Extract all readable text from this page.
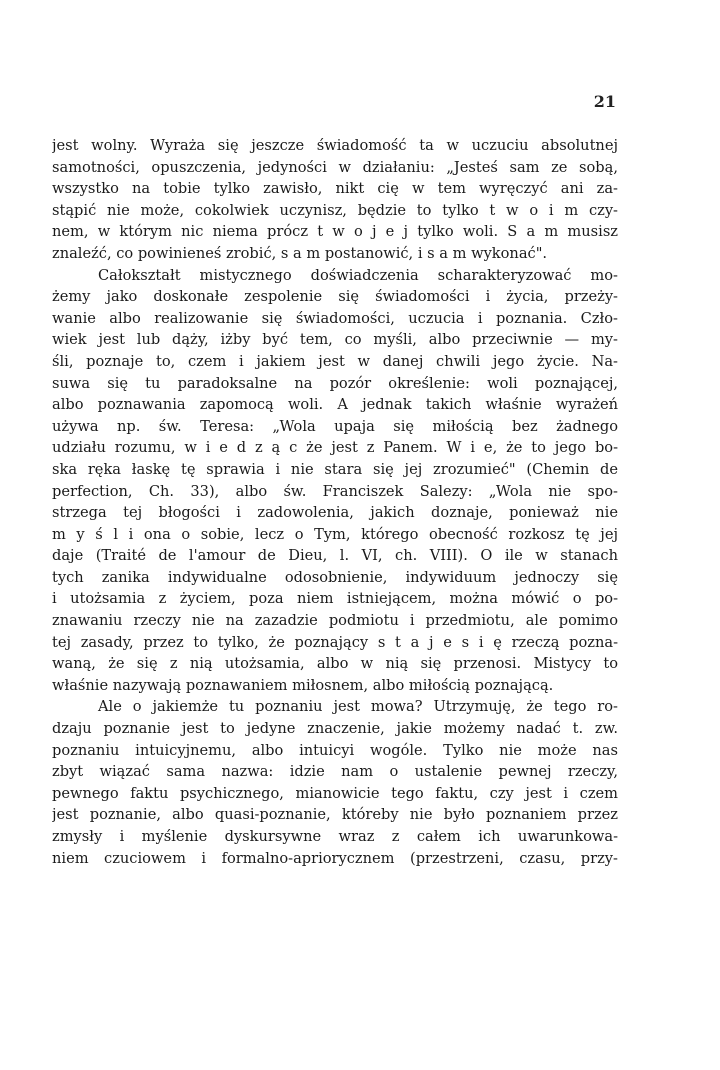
21
jest wolny. Wyraża się jeszcze świadomość ta w uczuciu absolutnej
samotności, opuszczenia, jedyności w działaniu: „Jesteś sam ze sobą,
wszystko na tobie tylko zawisło, nikt cię w tem wyręczyć ani za-
stąpić nie może, cokolwiek uczynisz, będzie to tylko t w o i m czy-
nem, w którym nic niema prócz t w o j e j tylko woli. S a m musisz
znaleźć, co powinieneś zrobić, s a m postanowić, i s a m wykonać".
Całokształt mistycznego doświadczenia scharakteryzować mo-
żemy jako doskonałe zespolenie się świadomości i życia, przeży-
wanie albo realizowanie się świadomości, uczucia i poznania. Czło-
wiek jest lub dąży, iżby być tem, co myśli, albo przeciwnie — my-
śli, poznaje to, czem i jakiem jest w danej chwili jego życie. Na-
suwa się tu paradoksalne na pozór określenie: woli poznającej,
albo poznawania zapomocą woli. A jednak takich właśnie wyrażeń
używa np. św. Teresa: „Wola upaja się miłością bez żadnego
udziału rozumu, w i e d z ą c że jest z Panem. W i e, że to jego bo-
ska ręka łaskę tę sprawia i nie stara się jej zrozumieć" (Chemin de
perfection, Ch. 33), albo św. Franciszek Salezy: „Wola nie spo-
strzega tej błogości i zadowolenia, jakich doznaje, ponieważ nie
m y ś l i ona o sobie, lecz o Tym, którego obecność rozkosz tę jej
daje (Traité de l'amour de Dieu, l. VI, ch. VIII). O ile w stanach
tych zanika indywidualne odosobnienie, indywiduum jednoczy się
i utożsamia z życiem, poza niem istniejącem, można mówić o po-
znawaniu rzeczy nie na zazadzie podmiotu i przedmiotu, ale pomimo
tej zasady, przez to tylko, że poznający s t a j e s i ę rzeczą pozna-
waną, że się z nią utożsamia, albo w nią się przenosi. Mistycy to
właśnie nazywają poznawaniem miłosnem, albo miłością poznającą.
Ale o jakiemże tu poznaniu jest mowa? Utrzymuję, że tego ro-
dzaju poznanie jest to jedyne znaczenie, jakie możemy nadać t. zw.
poznaniu intuicyjnemu, albo intuicyi wogóle. Tylko nie może nas
zbyt wiązać sama nazwa: idzie nam o ustalenie pewnej rzeczy,
pewnego faktu psychicznego, mianowicie tego faktu, czy jest i czem
jest poznanie, albo quasi-poznanie, któreby nie było poznaniem przez
zmysły i myślenie dyskursywne wraz z całem ich uwarunkowa-
niem czuciowem i formalno-apriorycznem (przestrzeni, czasu, przy-
